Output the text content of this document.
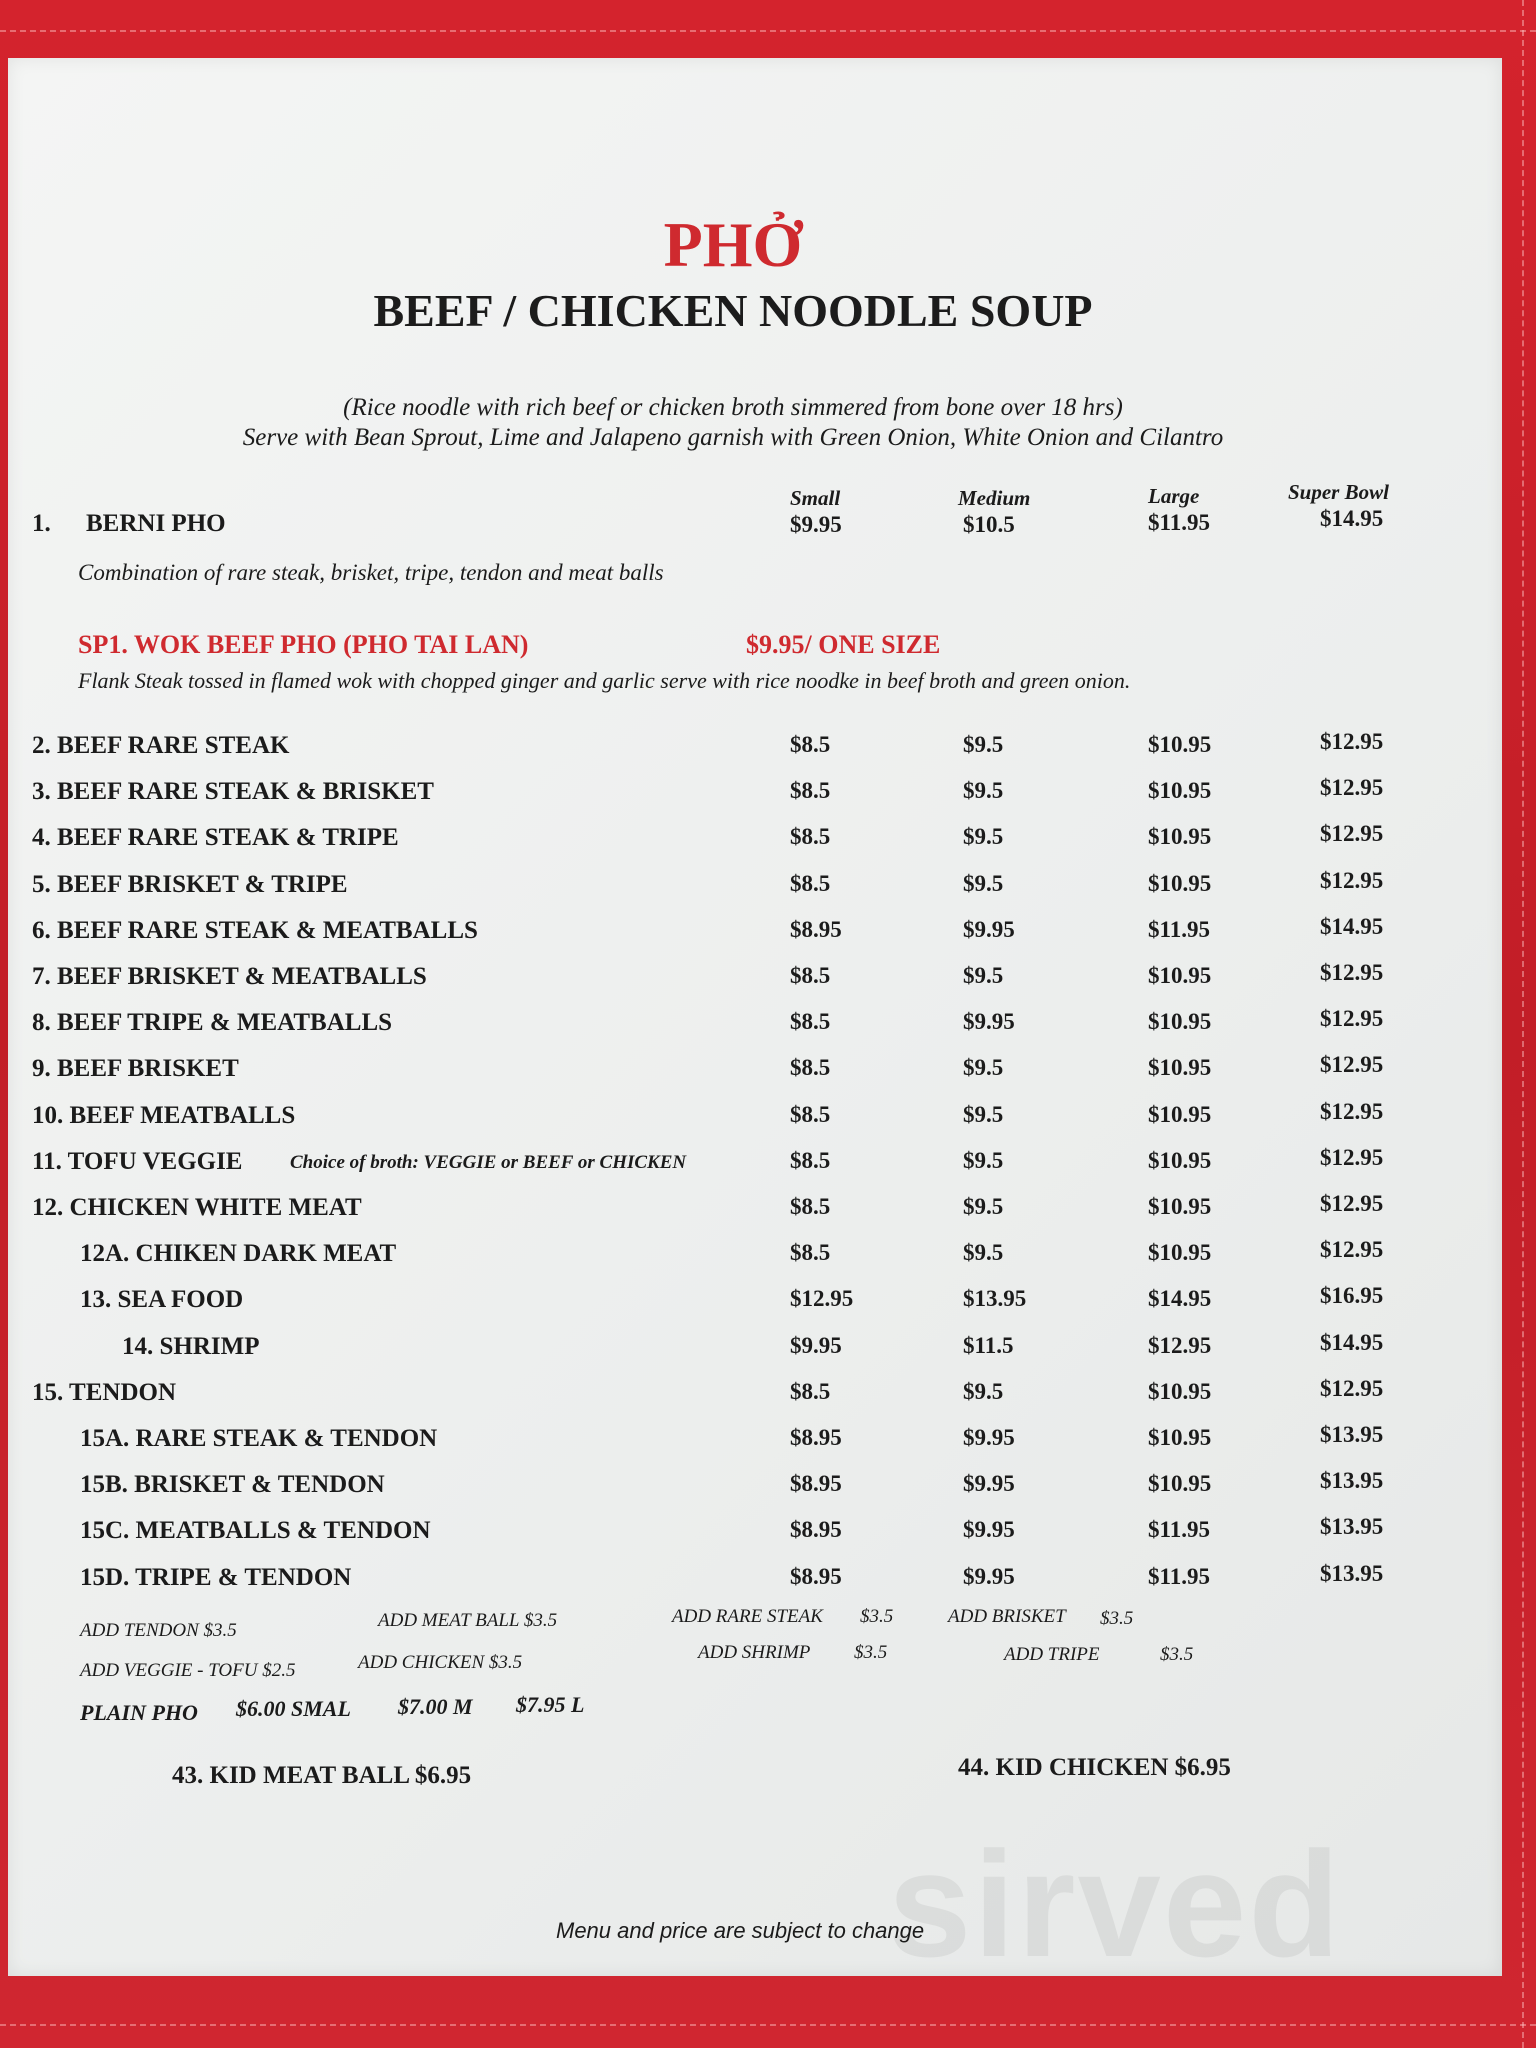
sirved
PHỞ
BEEF / CHICKEN NOODLE SOUP
(Rice noodle with rich beef or chicken broth simmered from bone over 18 hrs)
Serve with Bean Sprout, Lime and Jalapeno garnish with Green Onion, White Onion and Cilantro
Small	Medium	Large	Super Bowl
1. BERNI PHO	$9.95	$10.5	$11.95	$14.95
Combination of rare steak, brisket, tripe, tendon and meat balls
SP1. WOK BEEF PHO (PHO TAI LAN)	$9.95/ ONE SIZE
Flank Steak tossed in flamed wok with chopped ginger and garlic serve with rice noodke in beef broth and green onion.
2. BEEF RARE STEAK	$8.5	$9.5	$10.95	$12.95
3. BEEF RARE STEAK & BRISKET	$8.5	$9.5	$10.95	$12.95
4. BEEF RARE STEAK & TRIPE	$8.5	$9.5	$10.95	$12.95
5. BEEF BRISKET & TRIPE	$8.5	$9.5	$10.95	$12.95
6. BEEF RARE STEAK & MEATBALLS	$8.95	$9.95	$11.95	$14.95
7. BEEF BRISKET & MEATBALLS	$8.5	$9.5	$10.95	$12.95
8. BEEF TRIPE & MEATBALLS	$8.5	$9.95	$10.95	$12.95
9. BEEF BRISKET	$8.5	$9.5	$10.95	$12.95
10. BEEF MEATBALLS	$8.5	$9.5	$10.95	$12.95
11. TOFU VEGGIE	Choice of broth: VEGGIE or BEEF or CHICKEN	$8.5	$9.5	$10.95	$12.95
12. CHICKEN WHITE MEAT	$8.5	$9.5	$10.95	$12.95
12A. CHIKEN DARK MEAT	$8.5	$9.5	$10.95	$12.95
13. SEA FOOD	$12.95	$13.95	$14.95	$16.95
14. SHRIMP	$9.95	$11.5	$12.95	$14.95
15. TENDON	$8.5	$9.5	$10.95	$12.95
15A. RARE STEAK & TENDON	$8.95	$9.95	$10.95	$13.95
15B. BRISKET & TENDON	$8.95	$9.95	$10.95	$13.95
15C. MEATBALLS & TENDON	$8.95	$9.95	$11.95	$13.95
15D. TRIPE & TENDON	$8.95	$9.95	$11.95	$13.95
ADD TENDON $3.5	ADD MEAT BALL $3.5	ADD RARE STEAK $3.5	ADD BRISKET $3.5
ADD VEGGIE - TOFU $2.5	ADD CHICKEN $3.5	ADD SHRIMP $3.5	ADD TRIPE	$3.5
PLAIN PHO $6.00 SMAL $7.00 M $7.95 L
43. KID MEAT BALL $6.95	44. KID CHICKEN $6.95
Menu and price are subject to change
